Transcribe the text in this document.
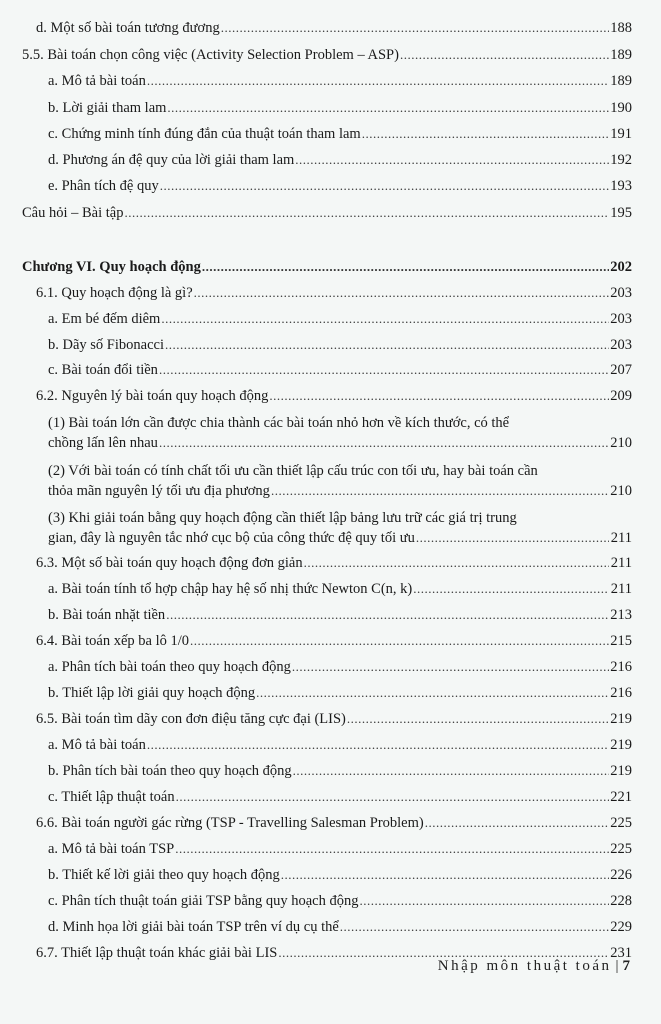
d. Một số bài toán tương đương .....	188
5.5. Bài toán chọn công việc (Activity Selection Problem – ASP) .....	189
a. Mô tả bài toán .....	189
b. Lời giải tham lam .....	190
c. Chứng minh tính đúng đắn của thuật toán tham lam .....	191
d. Phương án đệ quy của lời giải tham lam .....	192
e. Phân tích đệ quy .....	193
Câu hỏi – Bài tập .....	195
Chương VI. Quy hoạch động .....	202
6.1. Quy hoạch động là gì? .....	203
a. Em bé đếm diêm .....	203
b. Dãy số Fibonacci .....	203
c. Bài toán đổi tiền .....	207
6.2. Nguyên lý bài toán quy hoạch động .....	209
(1) Bài toán lớn cần được chia thành các bài toán nhỏ hơn về kích thước, có thể
chồng lấn lên nhau .....	210
(2) Với bài toán có tính chất tối ưu cần thiết lập cấu trúc con tối ưu, hay bài toán cần
thỏa mãn nguyên lý tối ưu địa phương .....	210
(3) Khi giải toán bằng quy hoạch động cần thiết lập bảng lưu trữ các giá trị trung
gian, đây là nguyên tắc nhớ cục bộ của công thức đệ quy tối ưu .....	211
6.3. Một số bài toán quy hoạch động đơn giản .....	211
a. Bài toán tính tổ hợp chập hay hệ số nhị thức Newton C(n, k) .....	211
b. Bài toán nhặt tiền .....	213
6.4. Bài toán xếp ba lô 1/0 .....	215
a. Phân tích bài toán theo quy hoạch động .....	216
b. Thiết lập lời giải quy hoạch động .....	216
6.5. Bài toán tìm dãy con đơn điệu tăng cực đại (LIS) .....	219
a. Mô tả bài toán .....	219
b. Phân tích bài toán theo quy hoạch động .....	219
c. Thiết lập thuật toán .....	221
6.6. Bài toán người gác rừng (TSP - Travelling Salesman Problem) .....	225
a. Mô tả bài toán TSP .....	225
b. Thiết kế lời giải theo quy hoạch động .....	226
c. Phân tích thuật toán giải TSP bằng quy hoạch động .....	228
d. Minh họa lời giải bài toán TSP trên ví dụ cụ thể .....	229
6.7. Thiết lập thuật toán khác giải bài LIS .....	231
Nhập môn thuật toán | 7
